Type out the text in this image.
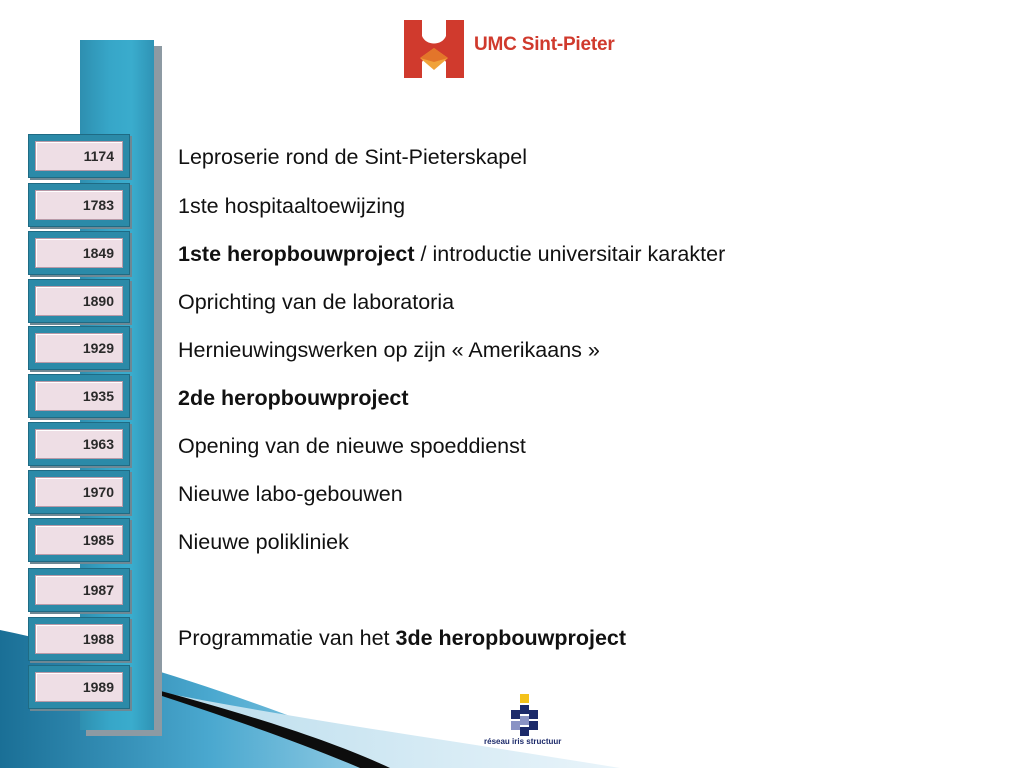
UMC Sint-Pieter
1174
1783
1849
1890
1929
1935
1963
1970
1985
1987
1988
1989
Leproserie rond de Sint-Pieterskapel
1ste hospitaaltoewijzing
1ste heropbouwproject / introductie universitair karakter
Oprichting van de laboratoria
Hernieuwingswerken op zijn « Amerikaans »
2de heropbouwproject
Opening van de nieuwe spoeddienst
Nieuwe labo-gebouwen
Nieuwe polikliniek
Programmatie van het 3de heropbouwproject
réseau iris structuur
